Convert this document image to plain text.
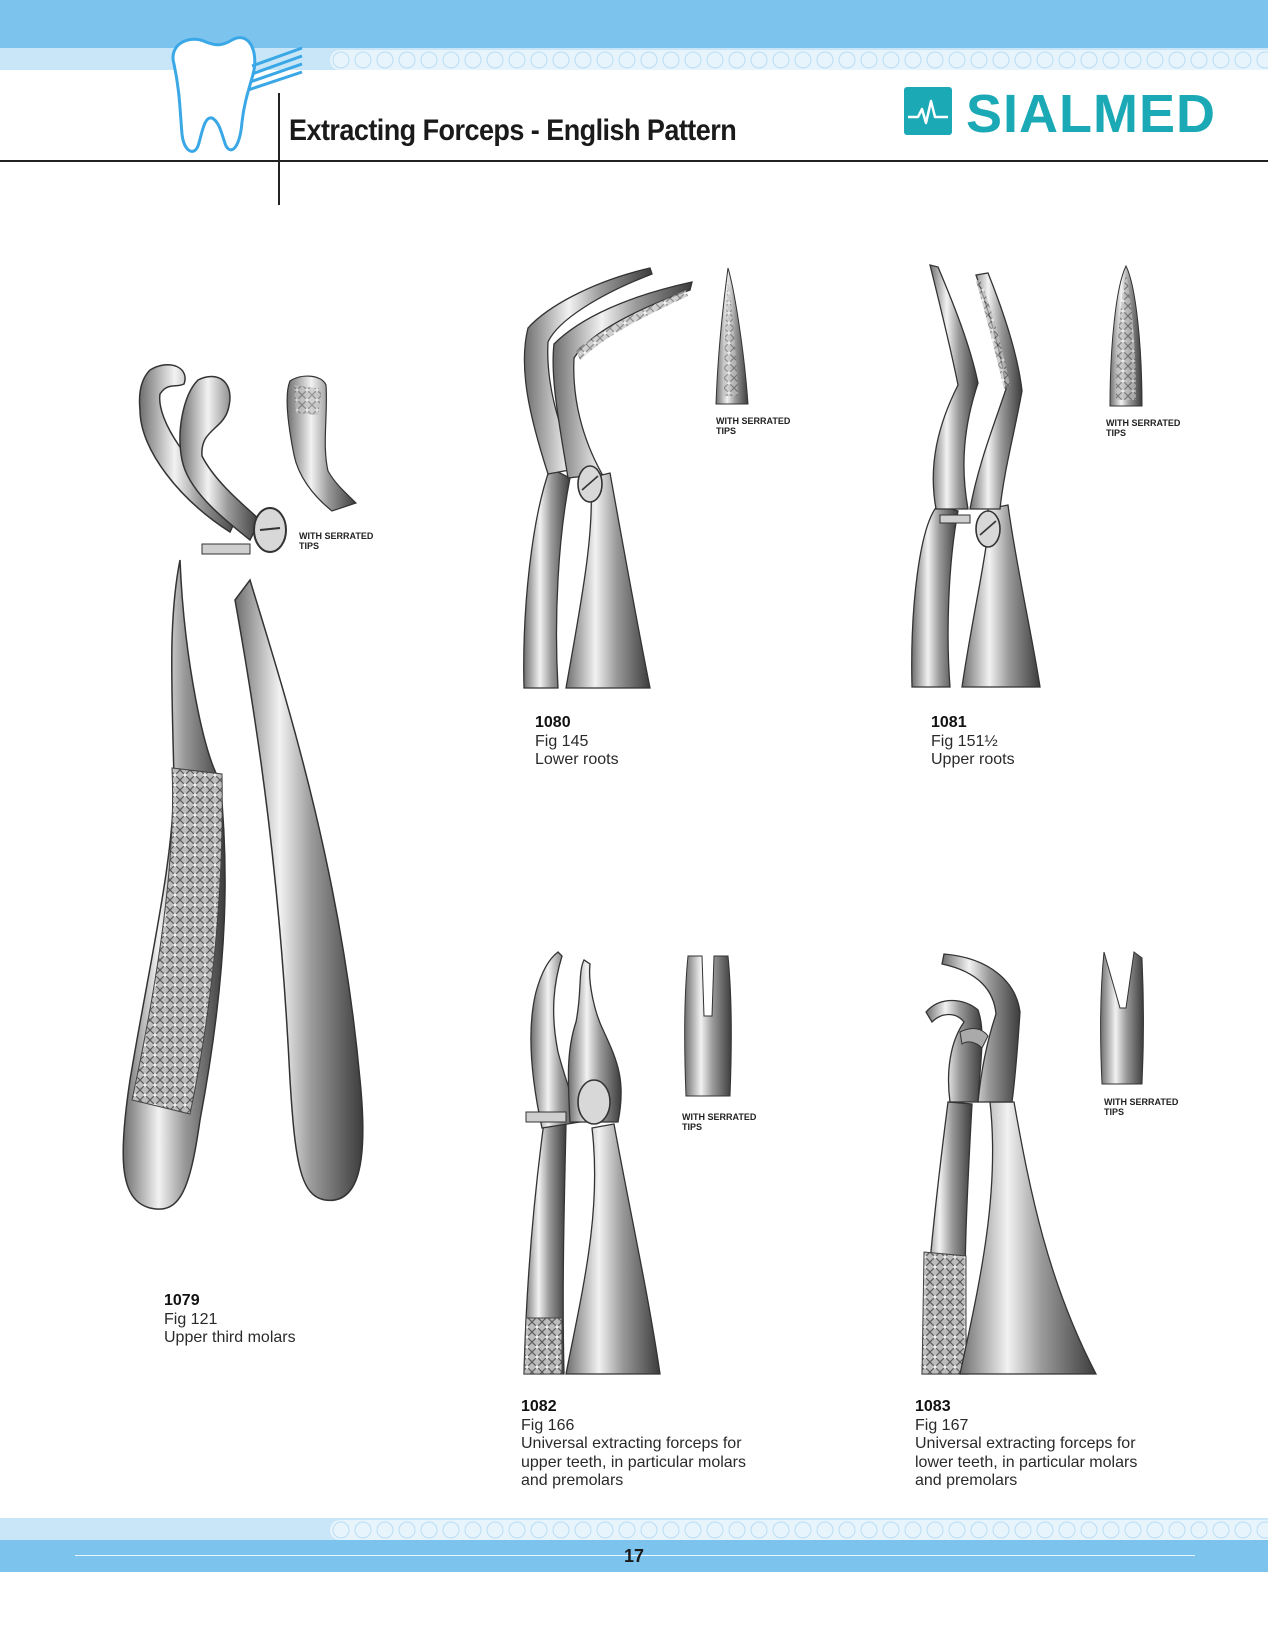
Extracting Forceps - English Pattern	SIALMED
WITH SERRATED TIPS
1079
Fig 121
Upper third molars
WITH SERRATED TIPS
1080
Fig 145
Lower roots
WITH SERRATED TIPS
1081
Fig 151½
Upper roots
WITH SERRATED TIPS
1082
Fig 166
Universal extracting forceps for upper teeth, in particular molars and premolars
WITH SERRATED TIPS
1083
Fig 167
Universal extracting forceps for lower teeth, in particular molars and premolars
17
